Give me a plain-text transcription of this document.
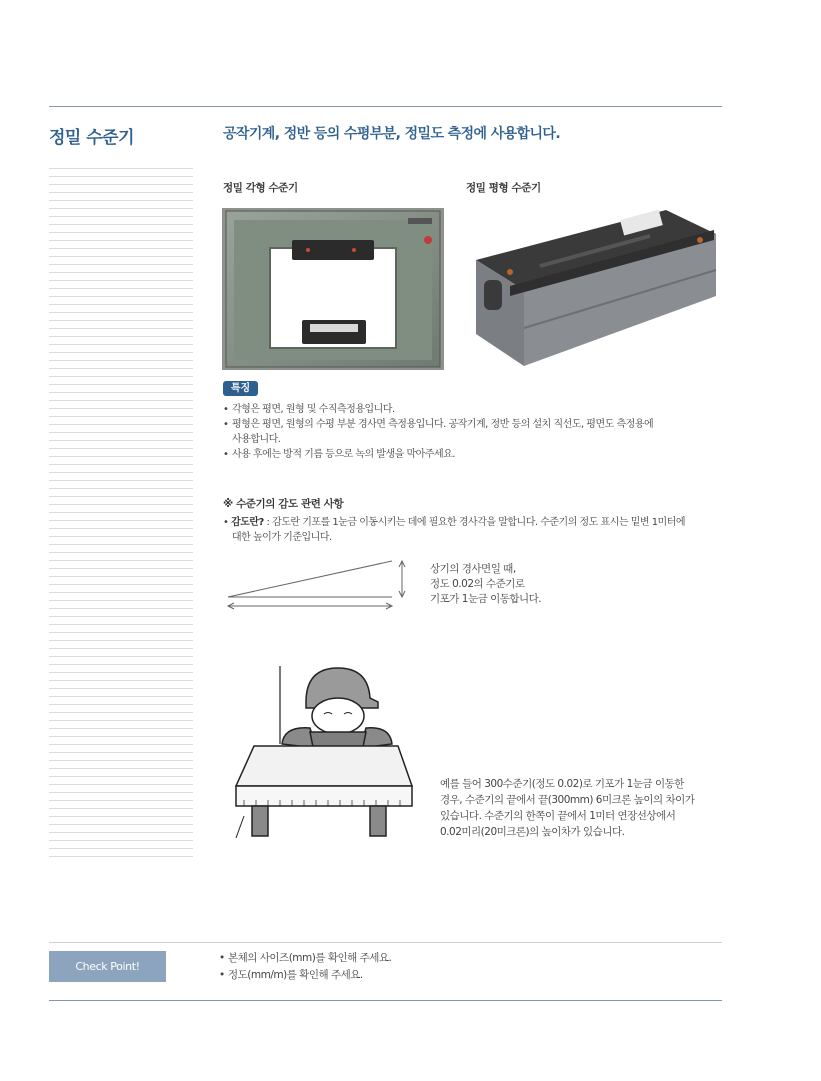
정밀 수준기	공작기계, 정반 등의 수평부분, 정밀도 측정에 사용합니다.
정밀 각형 수준기	정밀 평형 수준기
특징
• 각형은 평면, 원형 및 수직측정용입니다.
• 평형은 평면, 원형의 수평 부분 경사면 측정용입니다. 공작기계, 정반 등의 설치 직선도, 평면도 측정용에
사용합니다.
• 사용 후에는 방적 기름 등으로 녹의 발생을 막아주세요.
※ 수준기의 감도 관련 사항
• 감도란? : 감도란 기포를 1눈금 이동시키는 데에 필요한 경사각을 말합니다. 수준기의 정도 표시는 밑변 1미터에
대한 높이가 기준입니다.
상기의 경사면일 때,
정도 0.02의 수준기로
기포가 1눈금 이동합니다.
예를 들어 300수준기(정도 0.02)로 기포가 1눈금 이동한
경우, 수준기의 끝에서 끝(300mm) 6미크론 높이의 차이가
있습니다. 수준기의 한쪽이 끝에서 1미터 연장선상에서
0.02미리(20미크론)의 높이차가 있습니다.
Check Point!
• 본체의 사이즈(mm)를 확인해 주세요.
• 정도(mm/m)를 확인해 주세요.
